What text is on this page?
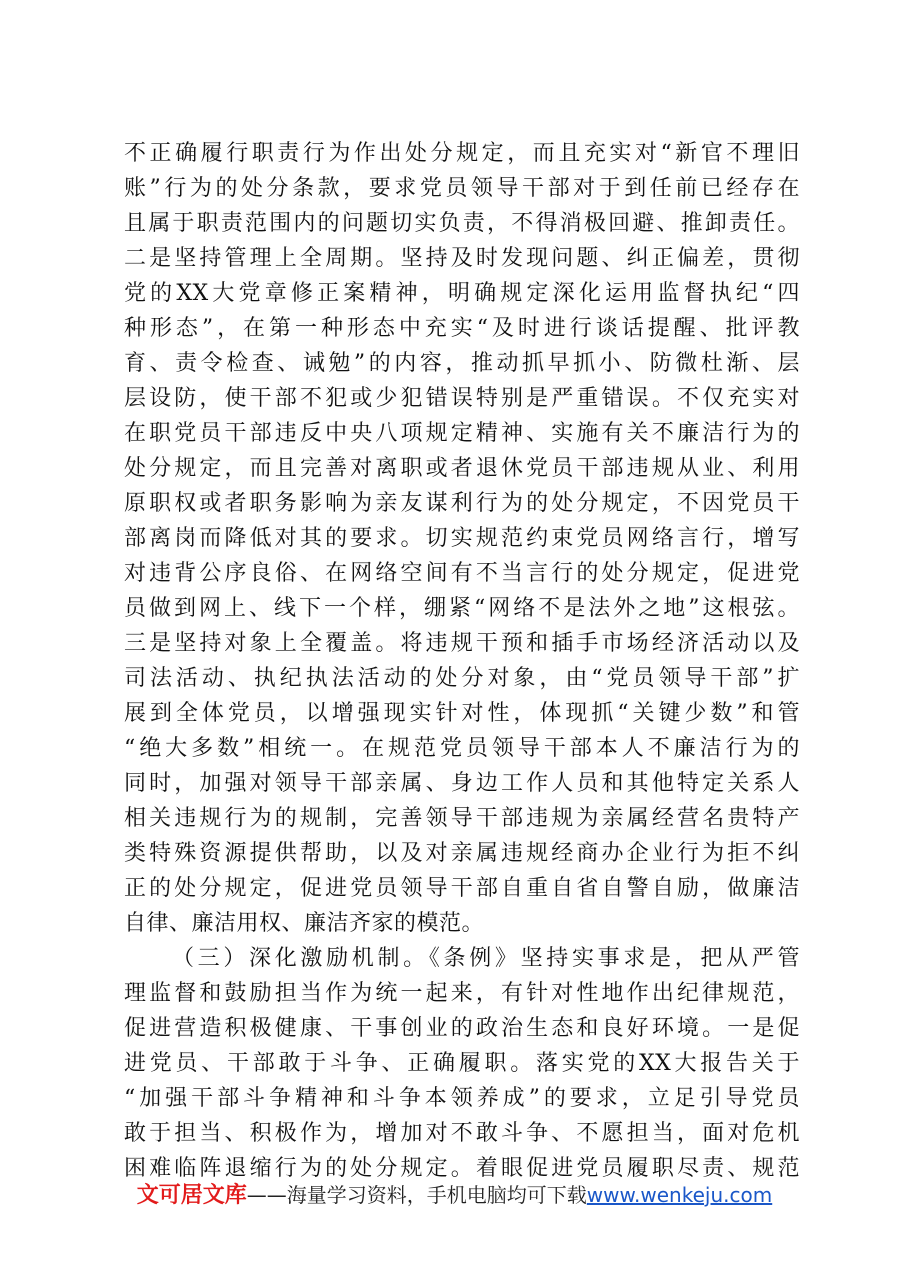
不正确履行职责行为作出处分规定，而且充实对“新官不理旧
账”行为的处分条款，要求党员领导干部对于到任前已经存在
且属于职责范围内的问题切实负责，不得消极回避、推卸责任。
二是坚持管理上全周期。坚持及时发现问题、纠正偏差，贯彻
党的XX大党章修正案精神，明确规定深化运用监督执纪“四
种形态”，在第一种形态中充实“及时进行谈话提醒、批评教
育、责令检查、诫勉”的内容，推动抓早抓小、防微杜渐、层
层设防，使干部不犯或少犯错误特别是严重错误。不仅充实对
在职党员干部违反中央八项规定精神、实施有关不廉洁行为的
处分规定，而且完善对离职或者退休党员干部违规从业、利用
原职权或者职务影响为亲友谋利行为的处分规定，不因党员干
部离岗而降低对其的要求。切实规范约束党员网络言行，增写
对违背公序良俗、在网络空间有不当言行的处分规定，促进党
员做到网上、线下一个样，绷紧“网络不是法外之地”这根弦。
三是坚持对象上全覆盖。将违规干预和插手市场经济活动以及
司法活动、执纪执法活动的处分对象，由“党员领导干部”扩
展到全体党员，以增强现实针对性，体现抓“关键少数”和管
“绝大多数”相统一。在规范党员领导干部本人不廉洁行为的
同时，加强对领导干部亲属、身边工作人员和其他特定关系人
相关违规行为的规制，完善领导干部违规为亲属经营名贵特产
类特殊资源提供帮助，以及对亲属违规经商办企业行为拒不纠
正的处分规定，促进党员领导干部自重自省自警自励，做廉洁
自律、廉洁用权、廉洁齐家的模范。
（三）深化激励机制。《条例》坚持实事求是，把从严管
理监督和鼓励担当作为统一起来，有针对性地作出纪律规范，
促进营造积极健康、干事创业的政治生态和良好环境。一是促
进党员、干部敢于斗争、正确履职。落实党的XX大报告关于
“加强干部斗争精神和斗争本领养成”的要求，立足引导党员
敢于担当、积极作为，增加对不敢斗争、不愿担当，面对危机
困难临阵退缩行为的处分规定。着眼促进党员履职尽责、规范
文可居文库——海量学习资料，手机电脑均可下载www.wenkeju.com
